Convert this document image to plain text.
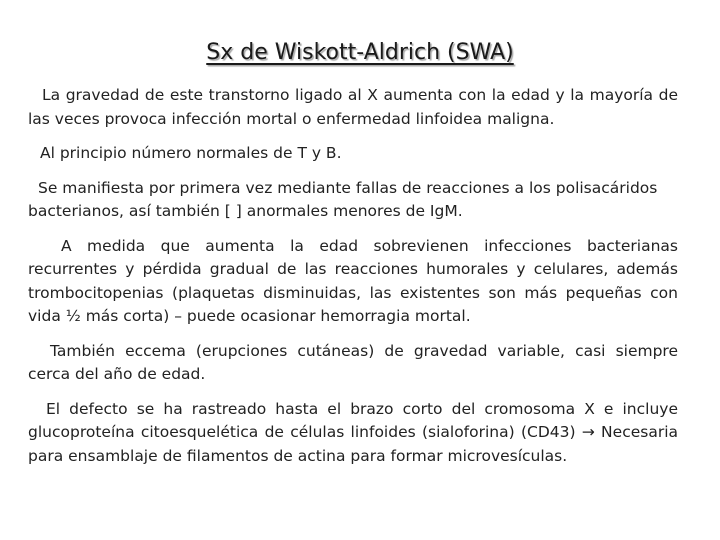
Sx de Wiskott-Aldrich (SWA)

La gravedad de este transtorno ligado al X aumenta con la edad y la mayoría de las veces provoca infección mortal o enfermedad linfoidea maligna.

Al principio número normales de T y B.

Se manifiesta por primera vez mediante fallas de reacciones a los polisacáridos bacterianos, así también [ ] anormales menores de IgM.

A medida que aumenta la edad sobrevienen infecciones bacterianas recurrentes y pérdida gradual de las reacciones humorales y celulares, además trombocitopenias (plaquetas disminuidas, las existentes son más pequeñas con vida ½ más corta) – puede ocasionar hemorragia mortal.

También eccema (erupciones cutáneas) de gravedad variable, casi siempre cerca del año de edad.

El defecto se ha rastreado hasta el brazo corto del cromosoma X e incluye glucoproteína citoesquelética de células linfoides (sialoforina) (CD43) → Necesaria para ensamblaje de filamentos de actina para formar microvesículas.
